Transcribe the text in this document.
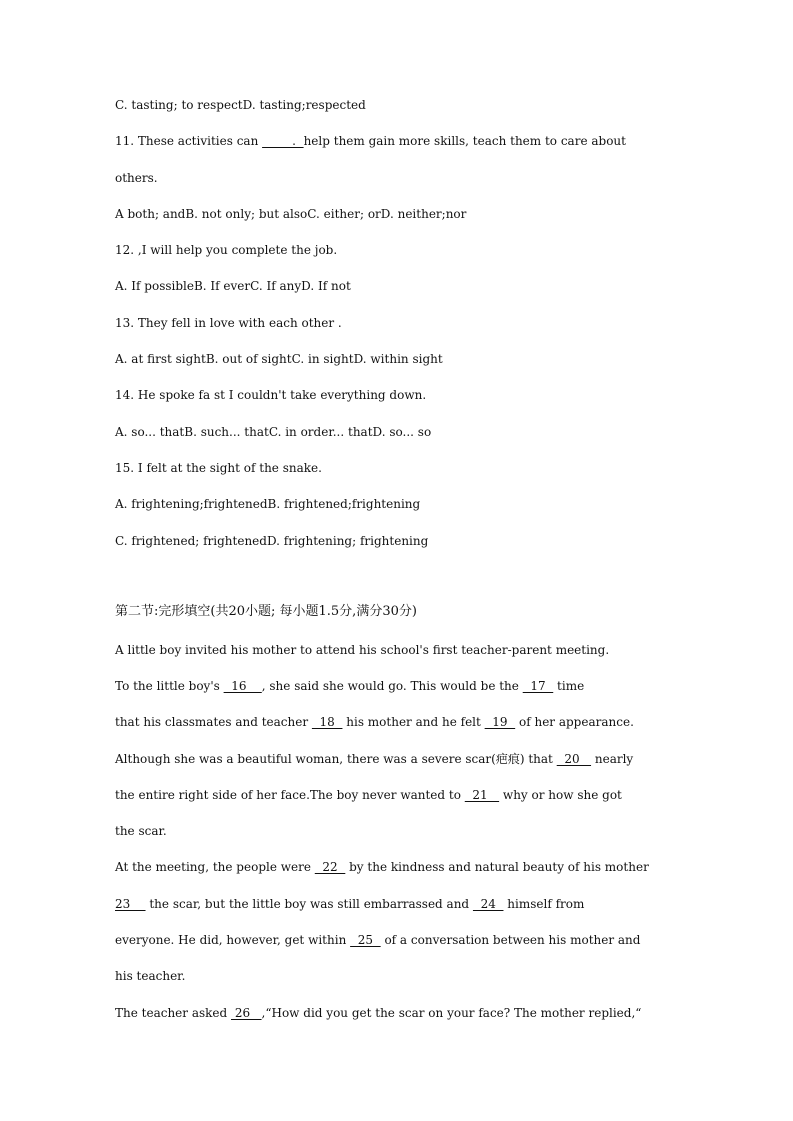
C. tasting; to respectD. tasting;respected
11. These activities can _____.  help them gain more skills, teach them to care about
others.
A both; andB. not only; but alsoC. either; orD. neither;nor
12. ,I will help you complete the job.
A. If possibleB. If everC. If anyD. If not
13. They fell in love with each other .
A. at first sightB. out of sightC. in sightD. within sight
14. He spoke fa st I couldn't take everything down.
A. so... thatB. such... thatC. in order... thatD. so... so
15. I felt at the sight of the snake.
A. frightening;frightenedB. frightened;frightening
C. frightened; frightenedD. frightening; frightening
第二节:完形填空(共20小题; 每小题1.5分,满分30分)
A little boy invited his mother to attend his school's first teacher-parent meeting.
To the little boy's   16    , she said she would go. This would be the   17   time
that his classmates and teacher   18   his mother and he felt   19   of her appearance.
Although she was a beautiful woman, there was a severe scar(疤痕) that   20    nearly
the entire right side of her face.The boy never wanted to   21    why or how she got
the scar.
At the meeting, the people were   22   by the kindness and natural beauty of his mother
23     the scar, but the little boy was still embarrassed and   24   himself from
everyone. He did, however, get within   25   of a conversation between his mother and
his teacher.
The teacher asked  26   ,“How did you get the scar on your face? The mother replied,“
